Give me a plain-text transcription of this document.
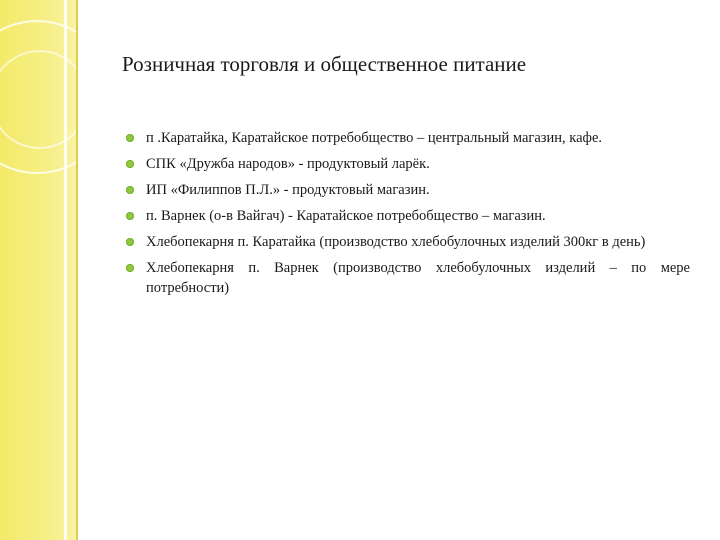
Розничная торговля и общественное питание
п .Каратайка, Каратайское потребобщество – центральный магазин, кафе.
СПК «Дружба народов» - продуктовый ларёк.
ИП «Филиппов П.Л.» - продуктовый магазин.
п. Варнек (о-в Вайгач) - Каратайское потребобщество – магазин.
Хлебопекарня п. Каратайка (производство хлебобулочных изделий 300кг в день)
Хлебопекарня п. Варнек (производство хлебобулочных изделий – по мере потребности)
